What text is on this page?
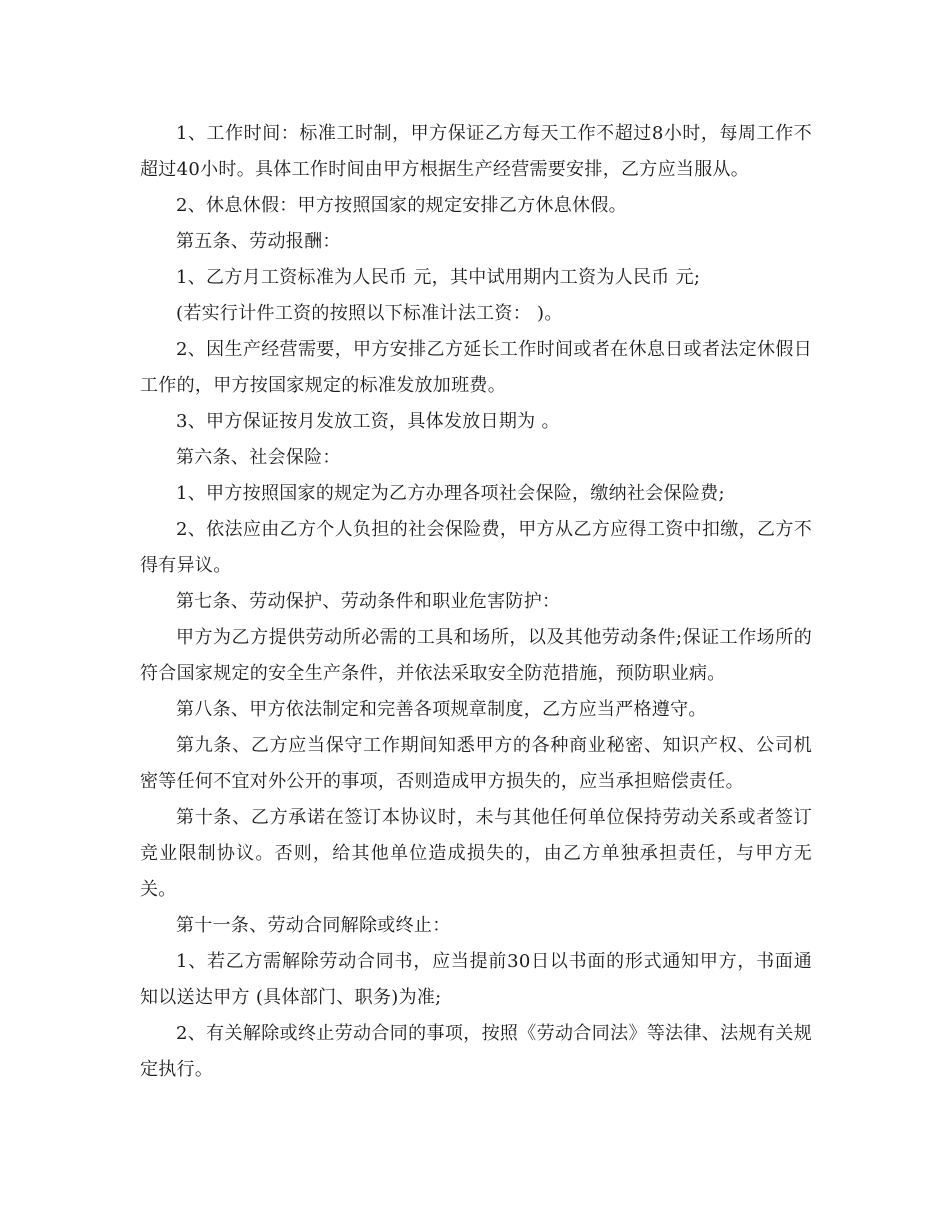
1、工作时间：标准工时制，甲方保证乙方每天工作不超过8小时，每周工作不超过40小时。具体工作时间由甲方根据生产经营需要安排，乙方应当服从。

2、休息休假：甲方按照国家的规定安排乙方休息休假。

第五条、劳动报酬：

1、乙方月工资标准为人民币 元，其中试用期内工资为人民币 元;

(若实行计件工资的按照以下标准计法工资： )。

2、因生产经营需要，甲方安排乙方延长工作时间或者在休息日或者法定休假日工作的，甲方按国家规定的标准发放加班费。

3、甲方保证按月发放工资，具体发放日期为 。

第六条、社会保险：

1、甲方按照国家的规定为乙方办理各项社会保险，缴纳社会保险费;

2、依法应由乙方个人负担的社会保险费，甲方从乙方应得工资中扣缴，乙方不得有异议。

第七条、劳动保护、劳动条件和职业危害防护：

甲方为乙方提供劳动所必需的工具和场所，以及其他劳动条件;保证工作场所的符合国家规定的安全生产条件，并依法采取安全防范措施，预防职业病。

第八条、甲方依法制定和完善各项规章制度，乙方应当严格遵守。

第九条、乙方应当保守工作期间知悉甲方的各种商业秘密、知识产权、公司机密等任何不宜对外公开的事项，否则造成甲方损失的，应当承担赔偿责任。

第十条、乙方承诺在签订本协议时，未与其他任何单位保持劳动关系或者签订竞业限制协议。否则，给其他单位造成损失的，由乙方单独承担责任，与甲方无关。

第十一条、劳动合同解除或终止：

1、若乙方需解除劳动合同书，应当提前30日以书面的形式通知甲方，书面通知以送达甲方 (具体部门、职务)为准;

2、有关解除或终止劳动合同的事项，按照《劳动合同法》等法律、法规有关规定执行。
